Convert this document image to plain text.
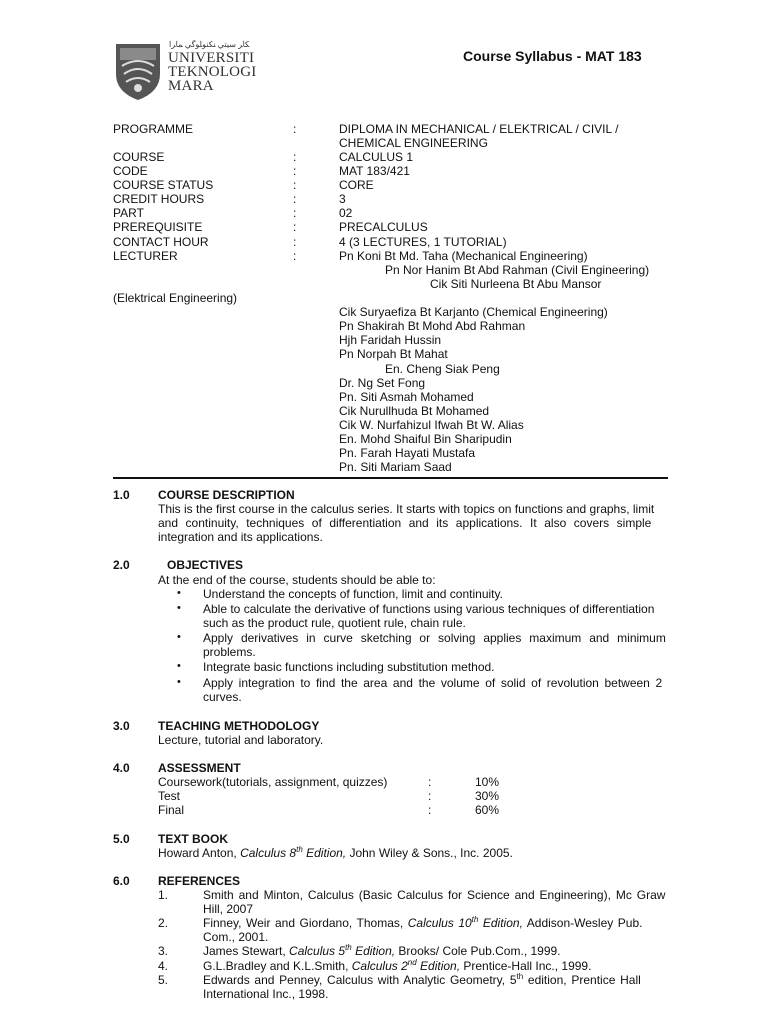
ﻜﺎﺮ ﺳﯿﺘﻲ ﻨﻜﻨﻮﻠﻮﮔﻲ ﻤﺎﺮﺍ
UNIVERSITI
TEKNOLOGI
MARA
Course Syllabus - MAT 183
PROGRAMME	:	DIPLOMA IN MECHANICAL / ELEKTRICAL / CIVIL /
CHEMICAL ENGINEERING
COURSE	:	CALCULUS 1
CODE	:	MAT 183/421
COURSE STATUS	:	CORE
CREDIT HOURS	:	3
PART	:	02
PREREQUISITE	:	PRECALCULUS
CONTACT HOUR	:	4 (3 LECTURES, 1 TUTORIAL)
LECTURER	:	Pn Koni Bt Md. Taha (Mechanical Engineering)
Pn Nor Hanim Bt Abd Rahman (Civil Engineering)
Cik Siti Nurleena Bt Abu Mansor
(Elektrical Engineering)
Cik Suryaefiza Bt Karjanto (Chemical Engineering)
Pn Shakirah Bt Mohd Abd Rahman
Hjh Faridah Hussin
Pn Norpah Bt Mahat
En. Cheng Siak Peng
Dr. Ng Set Fong
Pn. Siti Asmah Mohamed
Cik Nurullhuda Bt Mohamed
Cik W. Nurfahizul Ifwah Bt W. Alias
En. Mohd Shaiful Bin Sharipudin
Pn. Farah Hayati Mustafa
Pn. Siti Mariam Saad
1.0 COURSE DESCRIPTION
This is the first course in the calculus series. It starts with topics on functions and graphs, limit
and continuity, techniques of differentiation and its applications. It also covers simple
integration and its applications.
2.0	OBJECTIVES
At the end of the course, students should be able to:
• Understand the concepts of function, limit and continuity.
• Able to calculate the derivative of functions using various techniques of differentiation
such as the product rule, quotient rule, chain rule.
• Apply derivatives in curve sketching or solving applies maximum and minimum
problems.
• Integrate basic functions including substitution method.
• Apply integration to find the area and the volume of solid of revolution between 2
curves.
3.0 TEACHING METHODOLOGY
Lecture, tutorial and laboratory.
4.0 ASSESSMENT
Coursework(tutorials, assignment, quizzes)	:	10%
Test	:	30%
Final	:	60%
5.0 TEXT BOOK
Howard Anton, Calculus 8th Edition, John Wiley & Sons., Inc. 2005.
6.0 REFERENCES
1.	Smith and Minton, Calculus (Basic Calculus for Science and Engineering), Mc Graw
Hill, 2007
2.	Finney, Weir and Giordano, Thomas, Calculus 10th Edition, Addison-Wesley Pub.
Com., 2001.
3.	James Stewart, Calculus 5th Edition, Brooks/ Cole Pub.Com., 1999.
4.	G.L.Bradley and K.L.Smith, Calculus 2nd Edition, Prentice-Hall Inc., 1999.
5.	Edwards and Penney, Calculus with Analytic Geometry, 5th edition, Prentice Hall
International Inc., 1998.
